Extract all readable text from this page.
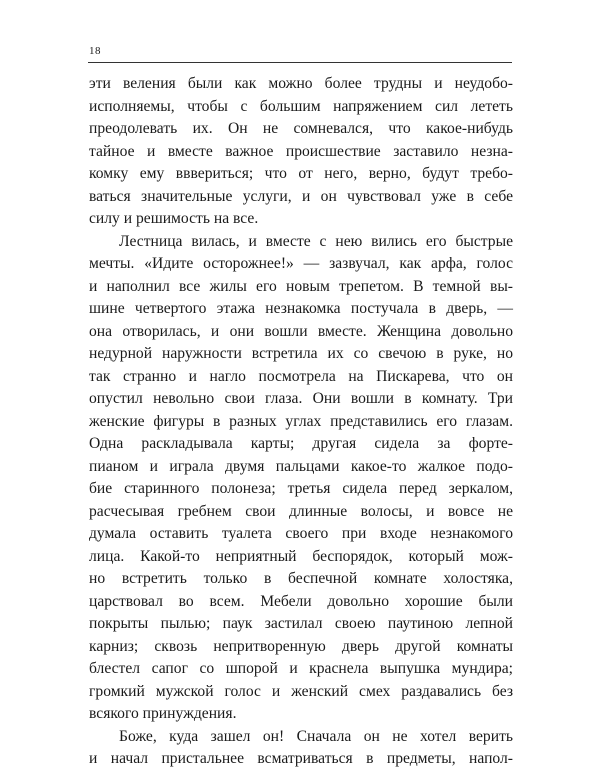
18
эти веления были как можно более трудны и неудобо-
исполняемы, чтобы с большим напряжением сил лететь
преодолевать их. Он не сомневался, что какое-нибудь
тайное и вместе важное происшествие заставило незна-
комку ему вввериться; что от него, верно, будут требо-
ваться значительные услуги, и он чувствовал уже в себе
силу и решимость на все.
Лестница вилась, и вместе с нею вились его быстрые
мечты. «Идите осторожнее!» — зазвучал, как арфа, голос
и наполнил все жилы его новым трепетом. В темной вы-
шине четвертого этажа незнакомка постучала в дверь, —
она отворилась, и они вошли вместе. Женщина довольно
недурной наружности встретила их со свечою в руке, но
так странно и нагло посмотрела на Пискарева, что он
опустил невольно свои глаза. Они вошли в комнату. Три
женские фигуры в разных углах представились его глазам.
Одна раскладывала карты; другая сидела за форте-
пианом и играла двумя пальцами какое-то жалкое подо-
бие старинного полонеза; третья сидела перед зеркалом,
расчесывая гребнем свои длинные волосы, и вовсе не
думала оставить туалета своего при входе незнакомого
лица. Какой-то неприятный беспорядок, который мож-
но встретить только в беспечной комнате холостяка,
царствовал во всем. Мебели довольно хорошие были
покрыты пылью; паук застилал своею паутиною лепной
карниз; сквозь непритворенную дверь другой комнаты
блестел сапог со шпорой и краснела выпушка мундира;
громкий мужской голос и женский смех раздавались без
всякого принуждения.
Боже, куда зашел он! Сначала он не хотел верить
и начал пристальнее всматриваться в предметы, напол-
